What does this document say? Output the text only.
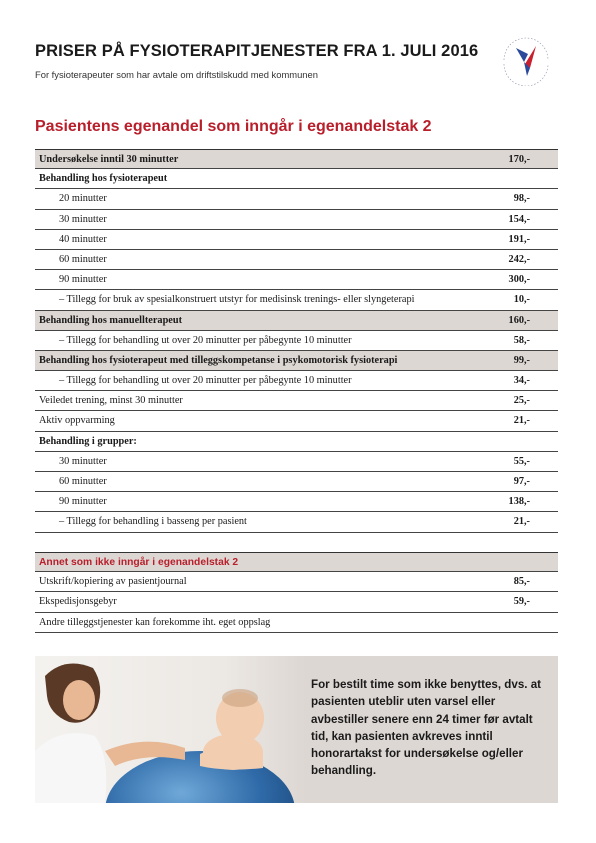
PRISER PÅ FYSIOTERAPITJENESTER FRA 1. JULI 2016
For fysioterapeuter som har avtale om driftstilskudd med kommunen
Pasientens egenandel som inngår i egenandelstak 2
Undersøkelse inntil 30 minutter	170,-
Behandling hos fysioterapeut
20 minutter	98,-
30 minutter	154,-
40 minutter	191,-
60 minutter	242,-
90 minutter	300,-
– Tillegg for bruk av spesialkonstruert utstyr for medisinsk trenings- eller slyngeterapi	10,-
Behandling hos manuellterapeut	160,-
– Tillegg for behandling ut over 20 minutter per påbegynte 10 minutter	58,-
Behandling hos fysioterapeut med tilleggskompetanse i psykomotorisk fysioterapi	99,-
– Tillegg for behandling ut over 20 minutter per påbegynte 10 minutter	34,-
Veiledet trening, minst 30 minutter	25,-
Aktiv oppvarming	21,-
Behandling i grupper:
30 minutter	55,-
60 minutter	97,-
90 minutter	138,-
– Tillegg for behandling i basseng per pasient	21,-
Annet som ikke inngår i egenandelstak 2
Utskrift/kopiering av pasientjournal	85,-
Ekspedisjonsgebyr	59,-
Andre tilleggstjenester kan forekomme iht. eget oppslag
For bestilt time som ikke benyttes, dvs. at pasienten uteblir uten varsel eller avbestiller senere enn 24 timer før avtalt tid, kan pasienten avkreves inntil honorartakst for undersøkelse og/eller behandling.
